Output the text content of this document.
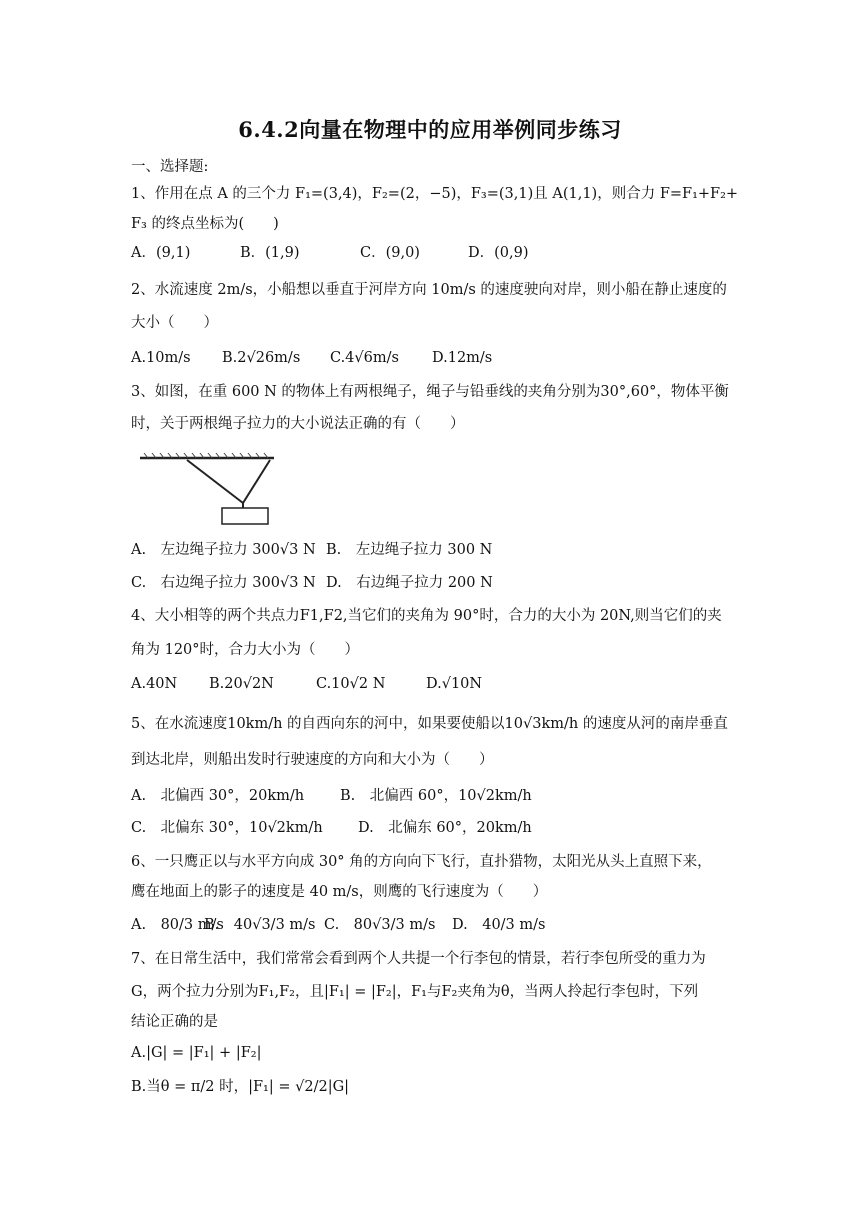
6.4.2向量在物理中的应用举例同步练习
一、选择题:
1、作用在点 A 的三个力 F₁=(3,4)，F₂=(2，−5)，F₃=(3,1)且 A(1,1)，则合力 F=F₁+F₂+
F₃ 的终点坐标为(　　)
A．(9,1)	B．(1,9)	C．(9,0)	D．(0,9)
2、水流速度 2m/s，小船想以垂直于河岸方向 10m/s 的速度驶向对岸，则小船在静止速度的
大小（　　）
A.10m/s B.2√26m/s C.4√6m/s D.12m/s
3、如图，在重 600 N 的物体上有两根绳子，绳子与铅垂线的夹角分别为30°,60°，物体平衡
时，关于两根绳子拉力的大小说法正确的有（　　）
A.　左边绳子拉力 300√3 N B.　左边绳子拉力 300 N
C.　右边绳子拉力 300√3 N D.　右边绳子拉力 200 N
4、大小相等的两个共点力F1,F2,当它们的夹角为 90°时，合力的大小为 20N,则当它们的夹
角为 120°时，合力大小为（　　）
A.40N B.20√2N	C.10√2 N	D.√10N
5、在水流速度10km/h 的自西向东的河中，如果要使船以10√3km/h 的速度从河的南岸垂直
到达北岸，则船出发时行驶速度的方向和大小为（　　）
A.　北偏西 30°，20km/h B.　北偏西 60°，10√2km/h
C.　北偏东 30°，10√2km/h D.　北偏东 60°，20km/h
6、一只鹰正以与水平方向成 30° 角的方向向下飞行，直扑猎物，太阳光从头上直照下来，
鹰在地面上的影子的速度是 40 m/s，则鹰的飞行速度为（　　）
A.　80/3 m/s
B.　40√3/3 m/s C.　80√3/3 m/s D.　40/3 m/s
7、在日常生活中，我们常常会看到两个人共提一个行李包的情景，若行李包所受的重力为
G，两个拉力分别为F₁,F₂，且|F₁| = |F₂|，F₁与F₂夹角为θ，当两人拎起行李包时，下列
结论正确的是
A.|G| = |F₁| + |F₂|
B.当θ = π/2 时，|F₁| = √2/2|G|
